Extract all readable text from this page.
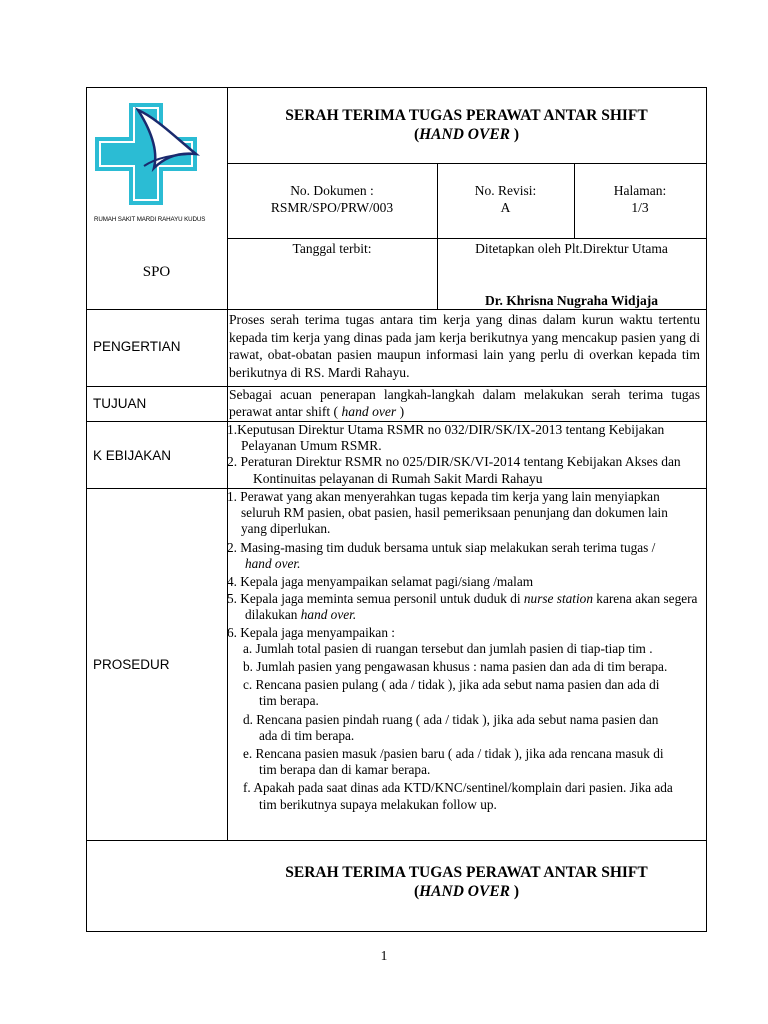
RUMAH SAKIT MARDI RAHAYU KUDUS
SERAH TERIMA TUGAS PERAWAT ANTAR SHIFT
(HAND OVER )
No. Dokumen :
RSMR/SPO/PRW/003
No. Revisi:
A
Halaman:
1/3
SPO
Tanggal terbit:	Ditetapkan oleh Plt.Direktur Utama
Dr. Khrisna Nugraha Widjaja
PENGERTIAN
Proses serah terima tugas antara tim kerja yang dinas dalam kurun waktu tertentu kepada tim kerja yang dinas pada jam kerja berikutnya yang mencakup pasien yang di rawat, obat-obatan pasien maupun informasi lain yang perlu di overkan kepada tim berikutnya di RS. Mardi Rahayu.
TUJUAN
Sebagai acuan penerapan langkah-langkah dalam melakukan serah terima tugas perawat antar shift ( hand over )
K EBIJAKAN
1.Keputusan Direktur Utama RSMR no 032/DIR/SK/IX-2013 tentang Kebijakan Pelayanan Umum RSMR.
2. Peraturan Direktur RSMR no 025/DIR/SK/VI-2014 tentang Kebijakan Akses dan Kontinuitas pelayanan di Rumah Sakit Mardi Rahayu
PROSEDUR
1. Perawat yang akan menyerahkan tugas kepada tim kerja yang lain menyiapkan seluruh RM pasien, obat pasien, hasil pemeriksaan penunjang dan dokumen lain yang diperlukan.
2. Masing-masing tim duduk bersama untuk siap melakukan serah terima tugas / hand over.
4. Kepala jaga menyampaikan selamat pagi/siang /malam
5. Kepala jaga meminta semua personil untuk duduk di nurse station karena akan segera dilakukan hand over.
6. Kepala jaga menyampaikan :
a. Jumlah total pasien di ruangan tersebut dan jumlah pasien di tiap-tiap tim .
b. Jumlah pasien yang pengawasan khusus : nama pasien dan ada di tim berapa.
c. Rencana pasien pulang ( ada / tidak ), jika ada sebut nama pasien dan ada di tim berapa.
d. Rencana pasien pindah ruang ( ada / tidak ), jika ada sebut nama pasien dan ada di tim berapa.
e. Rencana pasien masuk /pasien baru ( ada / tidak ), jika ada rencana masuk di tim berapa dan di kamar berapa.
f. Apakah pada saat dinas ada KTD/KNC/sentinel/komplain dari pasien. Jika ada tim berikutnya supaya melakukan follow up.
SERAH TERIMA TUGAS PERAWAT ANTAR SHIFT
(HAND OVER )
1
